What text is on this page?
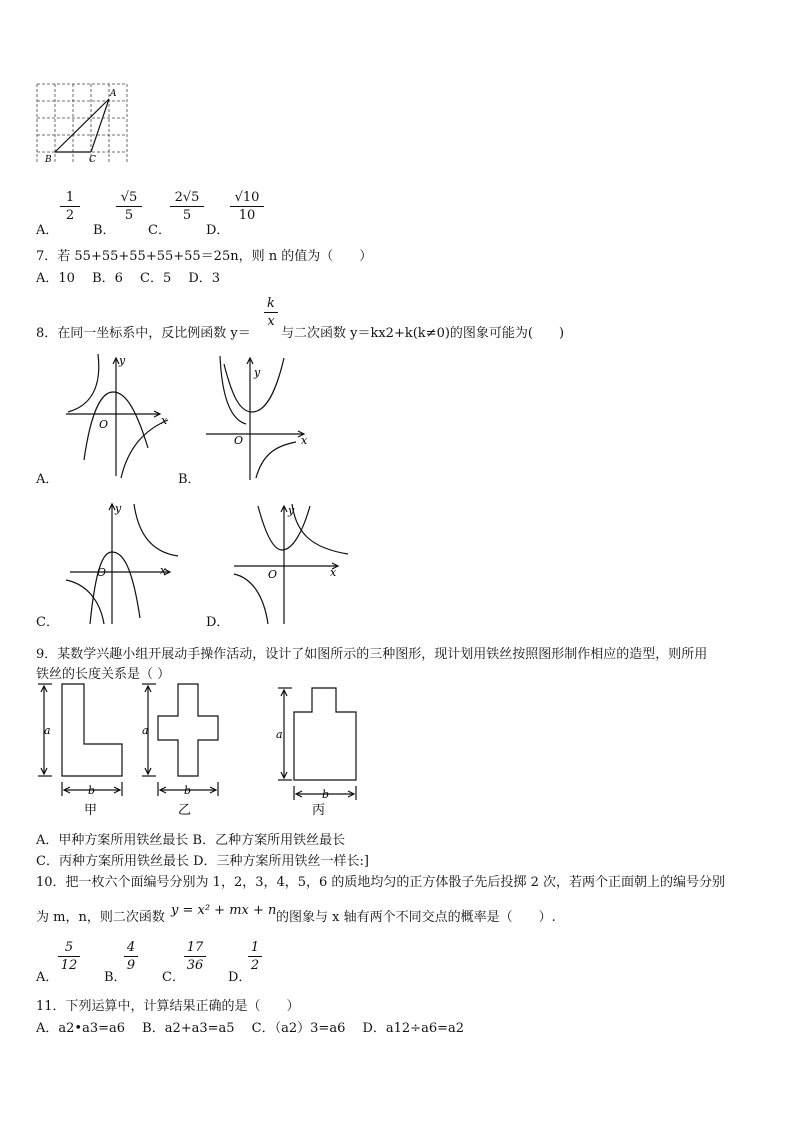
A
B	C
A．
1
2
B．
√5
5
C．
2√5
5
D．
√10
10
7．若 55+55+55+55+55＝25n，则 n 的值为（　　）
A．10　 B．6　 C．5　 D．3
8．在同一坐标系中，反比例函数 y＝
k
x
与二次函数 y＝kx2+k(k≠0)的图象可能为(　　)
y
x
O
A．
y
x
O
B．
y
x
O
C．
y
x
O
D．
9．某数学兴趣小组开展动手操作活动，设计了如图所示的三种图形，现计划用铁丝按照图形制作相应的造型，则所用
铁丝的长度关系是（ ）
a
b
甲
a
b
乙
a
b
丙
A．甲种方案所用铁丝最长 B．乙种方案所用铁丝最长
C．丙种方案所用铁丝最长 D．三种方案所用铁丝一样长:]
10．把一枚六个面编号分别为 1，2，3，4，5，6 的质地均匀的正方体骰子先后投掷 2 次，若两个正面朝上的编号分别
为 m，n，则二次函数 y = x² + mx + n 的图象与 x 轴有两个不同交点的概率是（　　）.
A．
5
12
B．
4
9
C．
17
36
D．
1
2
11．下列运算中，计算结果正确的是（　　）
A．a2•a3=a6　 B．a2+a3=a5　 C．（a2）3=a6　 D．a12÷a6=a2
